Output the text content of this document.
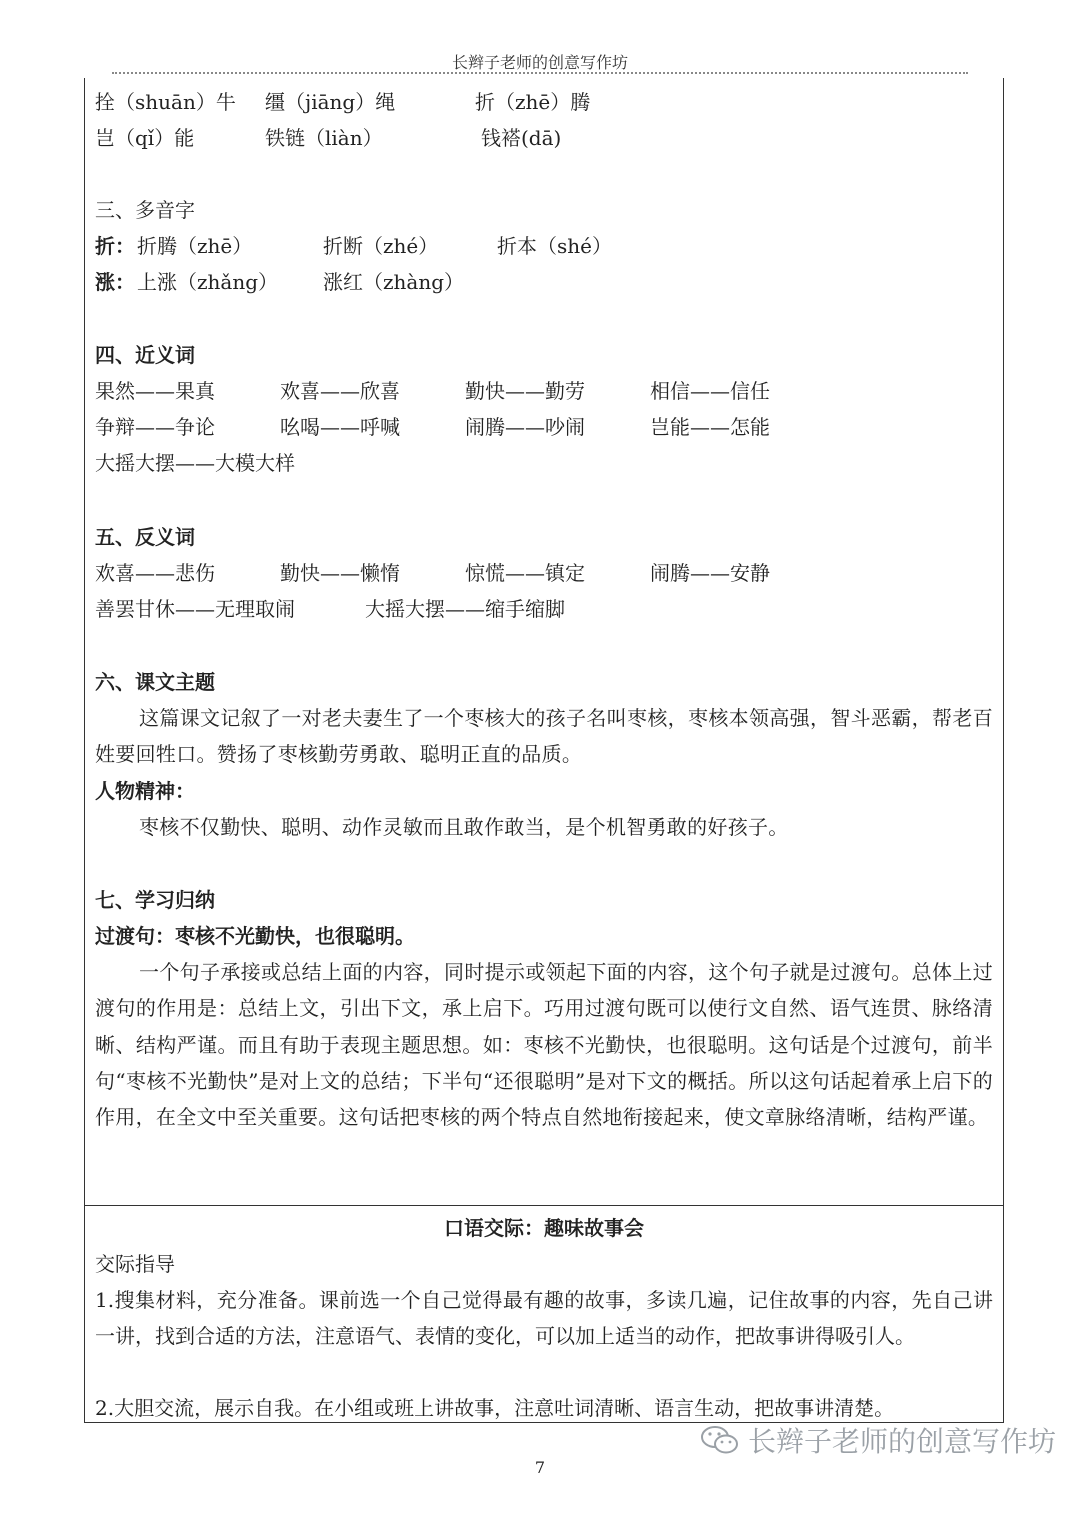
长辫子老师的创意写作坊
拴（shuān）牛 缰（jiāng）绳	折（zhē）腾
岂（qǐ）能	铁链（liàn）	钱褡(dā)
三、多音字
折： 折腾（zhē）	折断（zhé）	折本（shé）
涨： 上涨（zhǎng） 涨红（zhàng）
四、近义词
果然——果真	欢喜——欣喜	勤快——勤劳	相信——信任
争辩——争论	吆喝——呼喊	闹腾——吵闹	岂能——怎能
大摇大摆——大模大样
五、反义词
欢喜——悲伤	勤快——懒惰	惊慌——镇定	闹腾——安静
善罢甘休——无理取闹	大摇大摆——缩手缩脚
六、课文主题
这篇课文记叙了一对老夫妻生了一个枣核大的孩子名叫枣核，枣核本领高强，智斗恶霸，帮老百姓要回牲口。赞扬了枣核勤劳勇敢、聪明正直的品质。
人物精神：
枣核不仅勤快、聪明、动作灵敏而且敢作敢当，是个机智勇敢的好孩子。
七、学习归纳
过渡句：枣核不光勤快，也很聪明。
一个句子承接或总结上面的内容，同时提示或领起下面的内容，这个句子就是过渡句。总体上过渡句的作用是：总结上文，引出下文，承上启下。巧用过渡句既可以使行文自然、语气连贯、脉络清晰、结构严谨。而且有助于表现主题思想。如：枣核不光勤快，也很聪明。这句话是个过渡句，前半句“枣核不光勤快”是对上文的总结；下半句“还很聪明”是对下文的概括。所以这句话起着承上启下的作用，在全文中至关重要。这句话把枣核的两个特点自然地衔接起来，使文章脉络清晰，结构严谨。
口语交际：趣味故事会
交际指导
1.搜集材料，充分准备。课前选一个自己觉得最有趣的故事，多读几遍，记住故事的内容，先自己讲一讲，找到合适的方法，注意语气、表情的变化，可以加上适当的动作，把故事讲得吸引人。
2.大胆交流，展示自我。在小组或班上讲故事，注意吐词清晰、语言生动，把故事讲清楚。
7
长辫子老师的创意写作坊
